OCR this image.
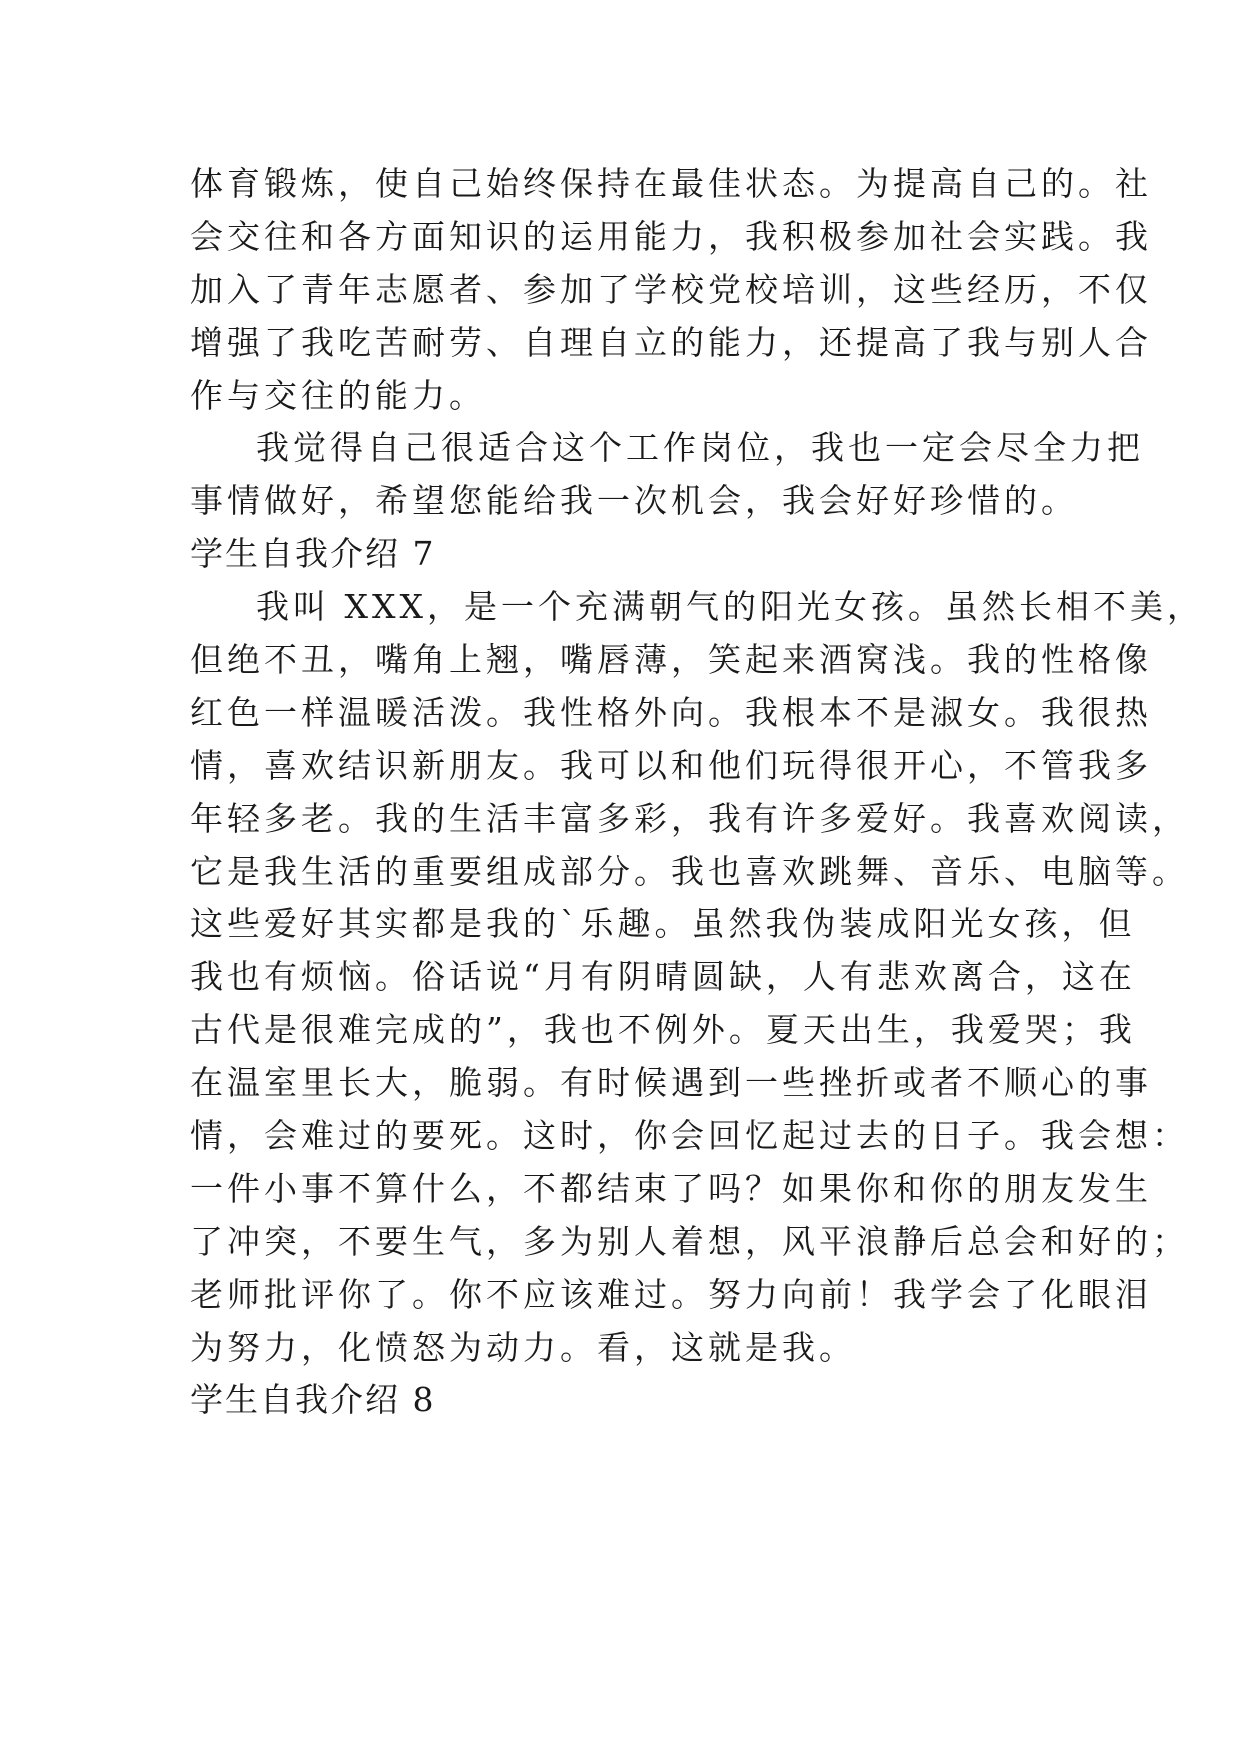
体育锻炼，使自己始终保持在最佳状态。为提高自己的。社
会交往和各方面知识的运用能力，我积极参加社会实践。我
加入了青年志愿者、参加了学校党校培训，这些经历，不仅
增强了我吃苦耐劳、自理自立的能力，还提高了我与别人合
作与交往的能力。
我觉得自己很适合这个工作岗位，我也一定会尽全力把
事情做好，希望您能给我一次机会，我会好好珍惜的。
学生自我介绍 7
我叫 XXX，是一个充满朝气的阳光女孩。虽然长相不美，
但绝不丑，嘴角上翘，嘴唇薄，笑起来酒窝浅。我的性格像
红色一样温暖活泼。我性格外向。我根本不是淑女。我很热
情，喜欢结识新朋友。我可以和他们玩得很开心，不管我多
年轻多老。我的生活丰富多彩，我有许多爱好。我喜欢阅读，
它是我生活的重要组成部分。我也喜欢跳舞、音乐、电脑等。
这些爱好其实都是我的`乐趣。虽然我伪装成阳光女孩，但
我也有烦恼。俗话说“月有阴晴圆缺，人有悲欢离合，这在
古代是很难完成的”，我也不例外。夏天出生，我爱哭；我
在温室里长大，脆弱。有时候遇到一些挫折或者不顺心的事
情，会难过的要死。这时，你会回忆起过去的日子。我会想：
一件小事不算什么，不都结束了吗？如果你和你的朋友发生
了冲突，不要生气，多为别人着想，风平浪静后总会和好的；
老师批评你了。你不应该难过。努力向前！我学会了化眼泪
为努力，化愤怒为动力。看，这就是我。
学生自我介绍 8
